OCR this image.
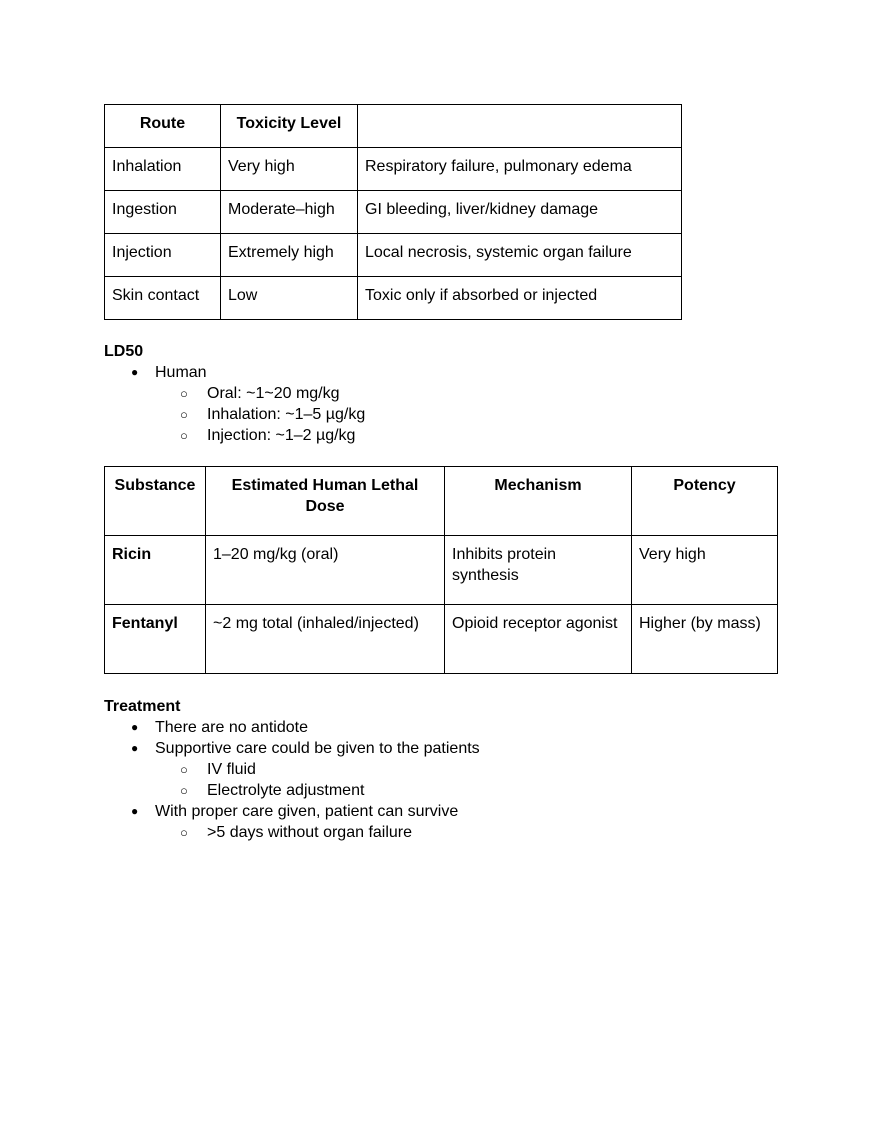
Route	Toxicity Level	
Inhalation	Very high	Respiratory failure, pulmonary edema
Ingestion	Moderate–high	GI bleeding, liver/kidney damage
Injection	Extremely high	Local necrosis, systemic organ failure
Skin contact	Low	Toxic only if absorbed or injected

LD50

● Human
○ Oral: ~1~20 mg/kg
○ Inhalation: ~1–5 µg/kg
○ Injection: ~1–2 µg/kg
Substance	Estimated Human Lethal Dose	Mechanism	Potency
Ricin	1–20 mg/kg (oral)	Inhibits protein synthesis	Very high
Fentanyl	~2 mg total (inhaled/injected)	Opioid receptor agonist	Higher (by mass)

Treatment

● There are no antidote
● Supportive care could be given to the patients
○ IV fluid
○ Electrolyte adjustment
● With proper care given, patient can survive
○ >5 days without organ failure
